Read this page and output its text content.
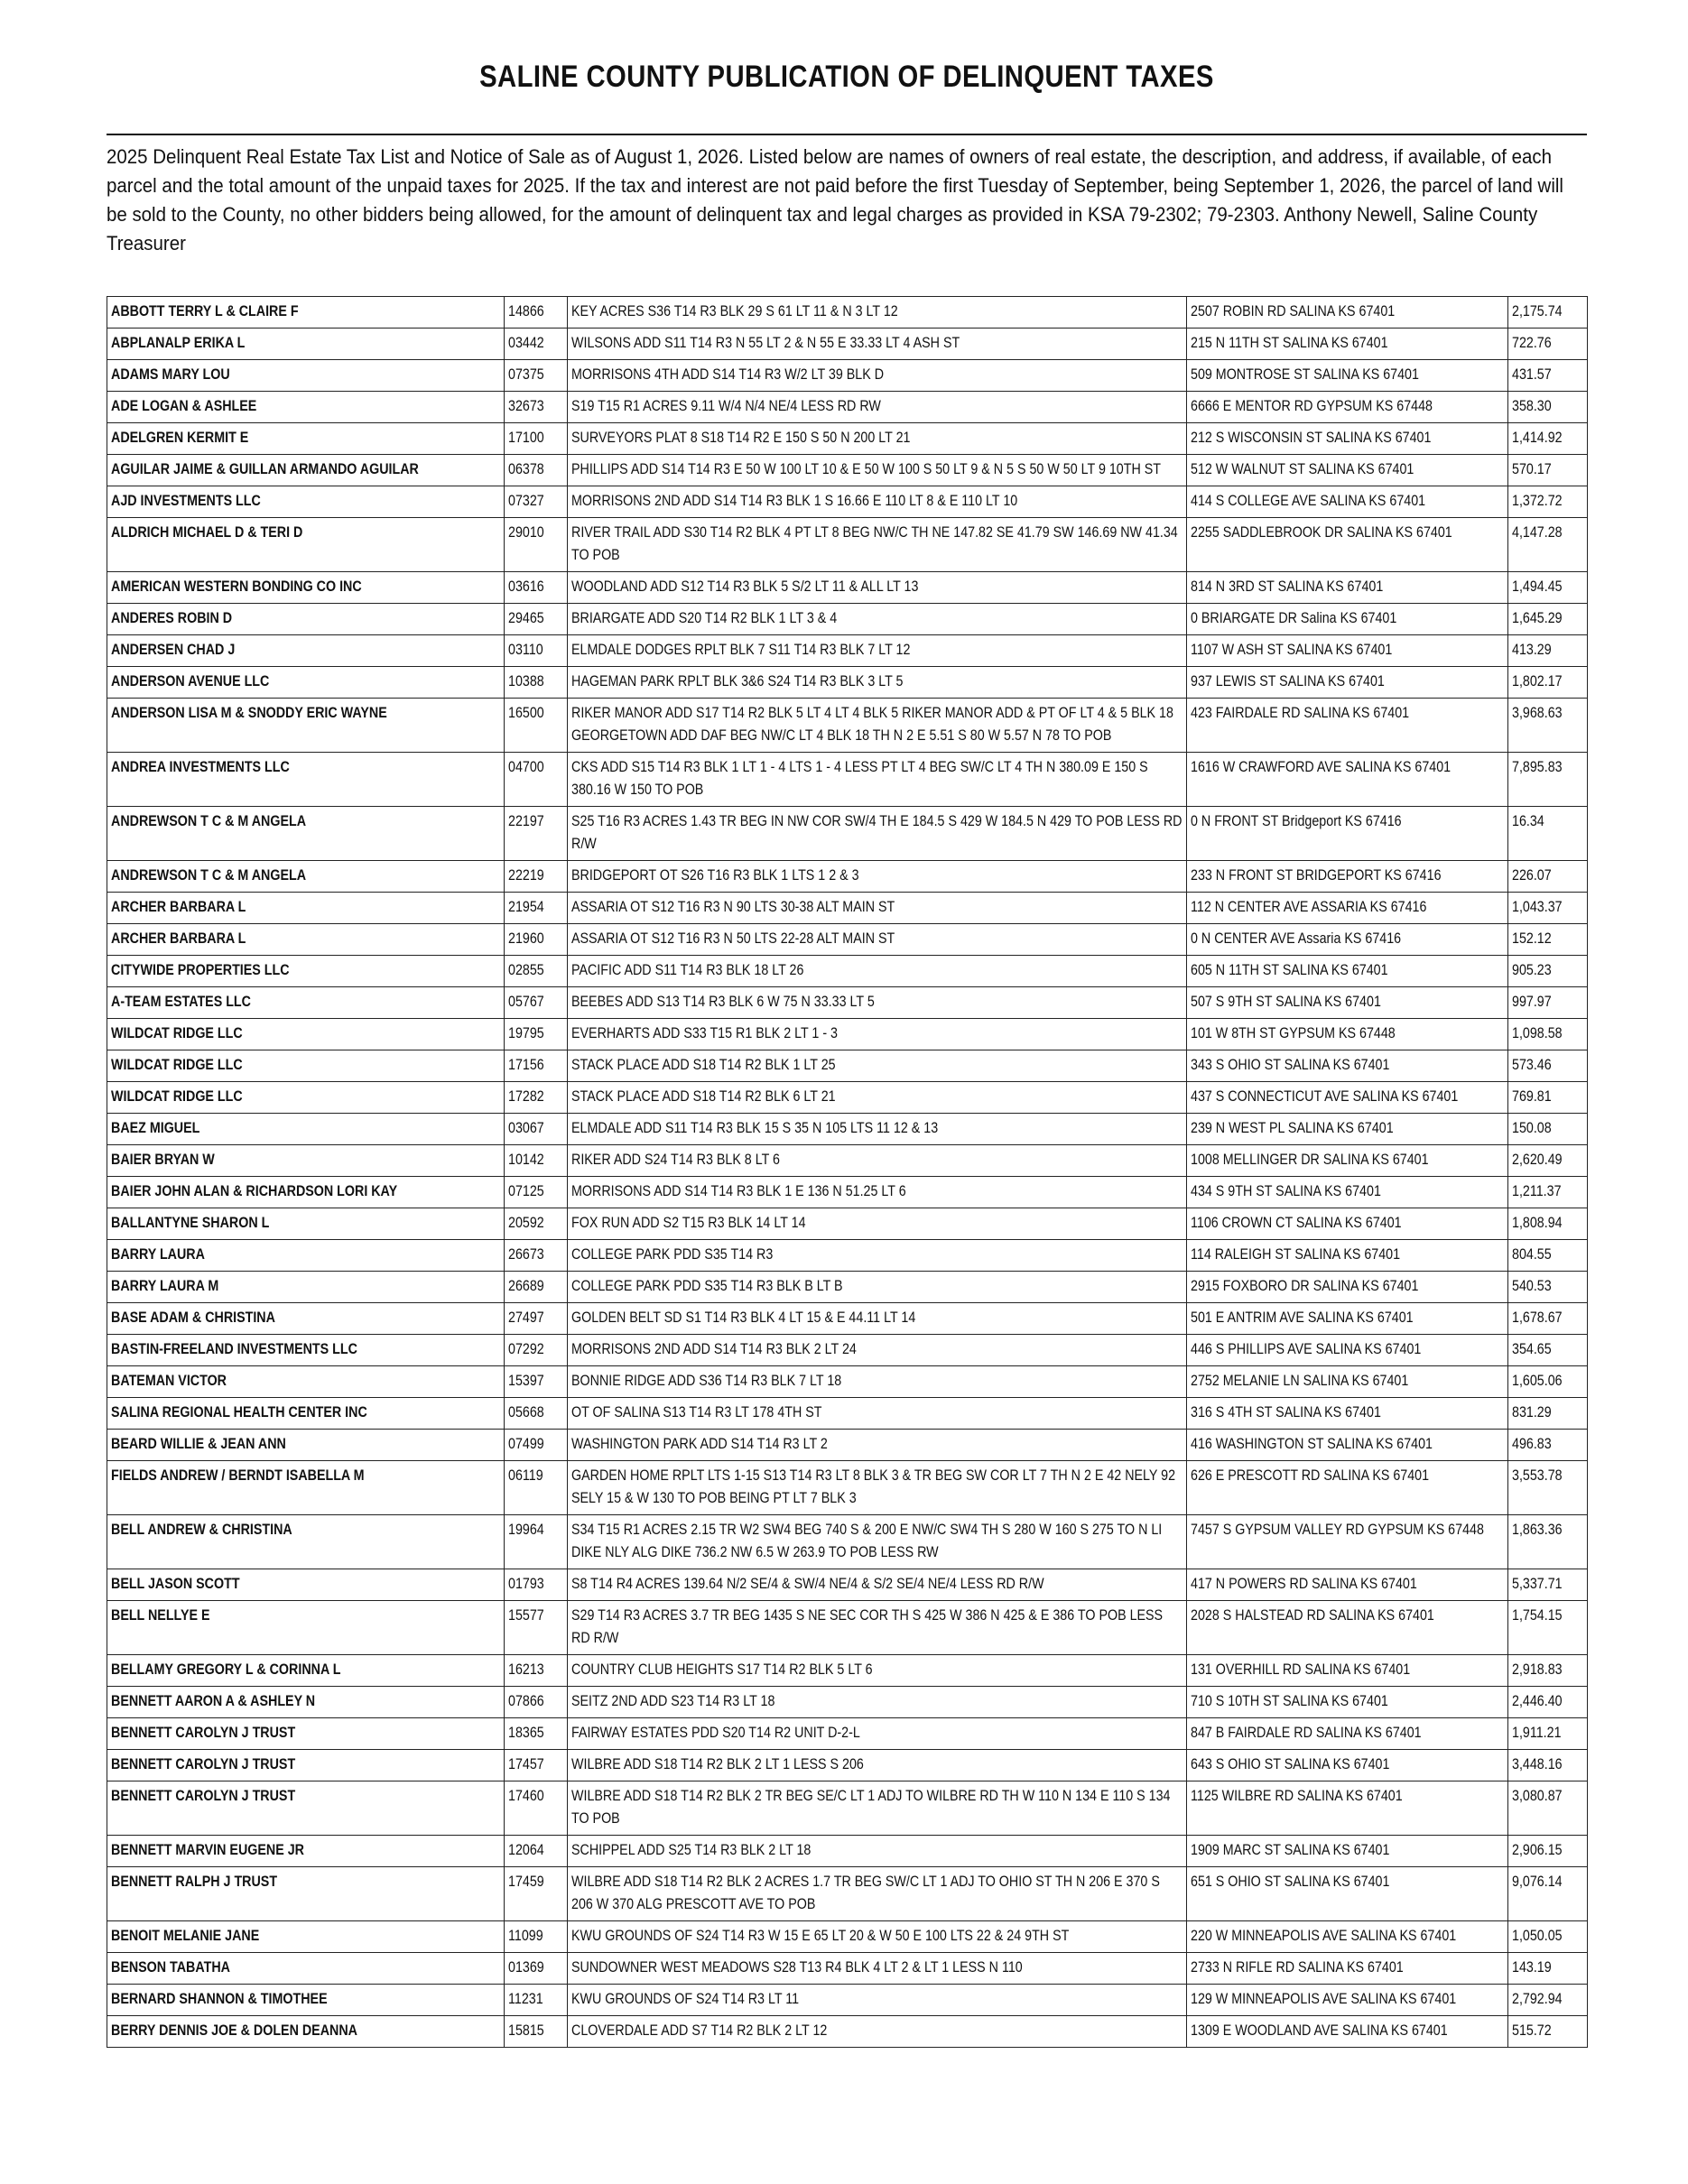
SALINE COUNTY PUBLICATION OF DELINQUENT TAXES
2025 Delinquent Real Estate Tax List and Notice of Sale as of August 1, 2026. Listed below are names of owners of real estate, the description, and address, if available, of each parcel and the total amount of the unpaid taxes for 2025. If the tax and interest are not paid before the first Tuesday of September, being September 1, 2026, the parcel of land will be sold to the County, no other bidders being allowed, for the amount of delinquent tax and legal charges as provided in KSA 79-2302; 79-2303. Anthony Newell, Saline County Treasurer
ABBOTT TERRY L & CLAIRE F	14866	KEY ACRES S36 T14 R3 BLK 29 S 61 LT 11 & N 3 LT 12	2507 ROBIN RD SALINA KS 67401	2,175.74

ABPLANALP ERIKA L	03442	WILSONS ADD S11 T14 R3 N 55 LT 2 & N 55 E 33.33 LT 4 ASH ST	215 N 11TH ST SALINA KS 67401	722.76

ADAMS MARY LOU	07375	MORRISONS 4TH ADD S14 T14 R3 W/2 LT 39 BLK D	509 MONTROSE ST SALINA KS 67401	431.57

ADE LOGAN & ASHLEE	32673	S19 T15 R1 ACRES 9.11 W/4 N/4 NE/4 LESS RD RW	6666 E MENTOR RD GYPSUM KS 67448	358.30

ADELGREN KERMIT E	17100	SURVEYORS PLAT 8 S18 T14 R2 E 150 S 50 N 200 LT 21	212 S WISCONSIN ST SALINA KS 67401	1,414.92

AGUILAR JAIME & GUILLAN ARMANDO AGUILAR	06378	PHILLIPS ADD S14 T14 R3 E 50 W 100 LT 10 & E 50 W 100 S 50 LT 9 & N 5 S 50 W 50 LT 9 10TH ST	512 W WALNUT ST SALINA KS 67401	570.17

AJD INVESTMENTS LLC	07327	MORRISONS 2ND ADD S14 T14 R3 BLK 1 S 16.66 E 110 LT 8 & E 110 LT 10	414 S COLLEGE AVE SALINA KS 67401	1,372.72

ALDRICH MICHAEL D & TERI D	29010	RIVER TRAIL ADD S30 T14 R2 BLK 4 PT LT 8 BEG NW/C TH NE 147.82 SE 41.79 SW 146.69 NW 41.34 TO POB	2255 SADDLEBROOK DR SALINA KS 67401	4,147.28

AMERICAN WESTERN BONDING CO INC	03616	WOODLAND ADD S12 T14 R3 BLK 5 S/2 LT 11 & ALL LT 13	814 N 3RD ST SALINA KS 67401	1,494.45

ANDERES ROBIN D	29465	BRIARGATE ADD S20 T14 R2 BLK 1 LT 3 & 4	0 BRIARGATE DR Salina KS 67401	1,645.29

ANDERSEN CHAD J	03110	ELMDALE DODGES RPLT BLK 7 S11 T14 R3 BLK 7 LT 12	1107 W ASH ST SALINA KS 67401	413.29

ANDERSON AVENUE LLC	10388	HAGEMAN PARK RPLT BLK 3&6 S24 T14 R3 BLK 3 LT 5	937 LEWIS ST SALINA KS 67401	1,802.17

ANDERSON LISA M & SNODDY ERIC WAYNE	16500	RIKER MANOR ADD S17 T14 R2 BLK 5 LT 4 LT 4 BLK 5 RIKER MANOR ADD & PT OF LT 4 & 5 BLK 18 GEORGETOWN ADD DAF BEG NW/C LT 4 BLK 18 TH N 2 E 5.51 S 80 W 5.57 N 78 TO POB	423 FAIRDALE RD SALINA KS 67401	3,968.63

ANDREA INVESTMENTS LLC	04700	CKS ADD S15 T14 R3 BLK 1 LT 1 - 4 LTS 1 - 4 LESS PT LT 4 BEG SW/C LT 4 TH N 380.09 E 150 S 380.16 W 150 TO POB	1616 W CRAWFORD AVE SALINA KS 67401	7,895.83

ANDREWSON T C & M ANGELA	22197	S25 T16 R3 ACRES 1.43 TR BEG IN NW COR SW/4 TH E 184.5 S 429 W 184.5 N 429 TO POB LESS RD R/W	0 N FRONT ST Bridgeport KS 67416	16.34

ANDREWSON T C & M ANGELA	22219	BRIDGEPORT OT S26 T16 R3 BLK 1 LTS 1 2 & 3	233 N FRONT ST BRIDGEPORT KS 67416	226.07

ARCHER BARBARA L	21954	ASSARIA OT S12 T16 R3 N 90 LTS 30-38 ALT MAIN ST	112 N CENTER AVE ASSARIA KS 67416	1,043.37

ARCHER BARBARA L	21960	ASSARIA OT S12 T16 R3 N 50 LTS 22-28 ALT MAIN ST	0 N CENTER AVE Assaria KS 67416	152.12

CITYWIDE PROPERTIES LLC	02855	PACIFIC ADD S11 T14 R3 BLK 18 LT 26	605 N 11TH ST SALINA KS 67401	905.23

A-TEAM ESTATES LLC	05767	BEEBES ADD S13 T14 R3 BLK 6 W 75 N 33.33 LT 5	507 S 9TH ST SALINA KS 67401	997.97

WILDCAT RIDGE LLC	19795	EVERHARTS ADD S33 T15 R1 BLK 2 LT 1 - 3	101 W 8TH ST GYPSUM KS 67448	1,098.58

WILDCAT RIDGE LLC	17156	STACK PLACE ADD S18 T14 R2 BLK 1 LT 25	343 S OHIO ST SALINA KS 67401	573.46

WILDCAT RIDGE LLC	17282	STACK PLACE ADD S18 T14 R2 BLK 6 LT 21	437 S CONNECTICUT AVE SALINA KS 67401	769.81

BAEZ MIGUEL	03067	ELMDALE ADD S11 T14 R3 BLK 15 S 35 N 105 LTS 11 12 & 13	239 N WEST PL SALINA KS 67401	150.08

BAIER BRYAN W	10142	RIKER ADD S24 T14 R3 BLK 8 LT 6	1008 MELLINGER DR SALINA KS 67401	2,620.49

BAIER JOHN ALAN & RICHARDSON LORI KAY	07125	MORRISONS ADD S14 T14 R3 BLK 1 E 136 N 51.25 LT 6	434 S 9TH ST SALINA KS 67401	1,211.37

BALLANTYNE SHARON L	20592	FOX RUN ADD S2 T15 R3 BLK 14 LT 14	1106 CROWN CT SALINA KS 67401	1,808.94

BARRY LAURA	26673	COLLEGE PARK PDD S35 T14 R3	114 RALEIGH ST SALINA KS 67401	804.55

BARRY LAURA M	26689	COLLEGE PARK PDD S35 T14 R3 BLK B LT B	2915 FOXBORO DR SALINA KS 67401	540.53

BASE ADAM & CHRISTINA	27497	GOLDEN BELT SD S1 T14 R3 BLK 4 LT 15 & E 44.11 LT 14	501 E ANTRIM AVE SALINA KS 67401	1,678.67

BASTIN-FREELAND INVESTMENTS LLC	07292	MORRISONS 2ND ADD S14 T14 R3 BLK 2 LT 24	446 S PHILLIPS AVE SALINA KS 67401	354.65

BATEMAN VICTOR	15397	BONNIE RIDGE ADD S36 T14 R3 BLK 7 LT 18	2752 MELANIE LN SALINA KS 67401	1,605.06

SALINA REGIONAL HEALTH CENTER INC	05668	OT OF SALINA S13 T14 R3 LT 178 4TH ST	316 S 4TH ST SALINA KS 67401	831.29

BEARD WILLIE & JEAN ANN	07499	WASHINGTON PARK ADD S14 T14 R3 LT 2	416 WASHINGTON ST SALINA KS 67401	496.83

FIELDS ANDREW / BERNDT ISABELLA M	06119	GARDEN HOME RPLT LTS 1-15 S13 T14 R3 LT 8 BLK 3 & TR BEG SW COR LT 7 TH N 2 E 42 NELY 92 SELY 15 & W 130 TO POB BEING PT LT 7 BLK 3	626 E PRESCOTT RD SALINA KS 67401	3,553.78

BELL ANDREW & CHRISTINA	19964	S34 T15 R1 ACRES 2.15 TR W2 SW4 BEG 740 S & 200 E NW/C SW4 TH S 280 W 160 S 275 TO N LI DIKE NLY ALG DIKE 736.2 NW 6.5 W 263.9 TO POB LESS RW	7457 S GYPSUM VALLEY RD GYPSUM KS 67448	1,863.36

BELL JASON SCOTT	01793	S8 T14 R4 ACRES 139.64 N/2 SE/4 & SW/4 NE/4 & S/2 SE/4 NE/4 LESS RD R/W	417 N POWERS RD SALINA KS 67401	5,337.71

BELL NELLYE E	15577	S29 T14 R3 ACRES 3.7 TR BEG 1435 S NE SEC COR TH S 425 W 386 N 425 & E 386 TO POB LESS RD R/W	2028 S HALSTEAD RD SALINA KS 67401	1,754.15

BELLAMY GREGORY L & CORINNA L	16213	COUNTRY CLUB HEIGHTS S17 T14 R2 BLK 5 LT 6	131 OVERHILL RD SALINA KS 67401	2,918.83

BENNETT AARON A & ASHLEY N	07866	SEITZ 2ND ADD S23 T14 R3 LT 18	710 S 10TH ST SALINA KS 67401	2,446.40

BENNETT CAROLYN J TRUST	18365	FAIRWAY ESTATES PDD S20 T14 R2 UNIT D-2-L	847 B FAIRDALE RD SALINA KS 67401	1,911.21

BENNETT CAROLYN J TRUST	17457	WILBRE ADD S18 T14 R2 BLK 2 LT 1 LESS S 206	643 S OHIO ST SALINA KS 67401	3,448.16

BENNETT CAROLYN J TRUST	17460	WILBRE ADD S18 T14 R2 BLK 2 TR BEG SE/C LT 1 ADJ TO WILBRE RD TH W 110 N 134 E 110 S 134 TO POB	1125 WILBRE RD SALINA KS 67401	3,080.87

BENNETT MARVIN EUGENE JR	12064	SCHIPPEL ADD S25 T14 R3 BLK 2 LT 18	1909 MARC ST SALINA KS 67401	2,906.15

BENNETT RALPH J TRUST	17459	WILBRE ADD S18 T14 R2 BLK 2 ACRES 1.7 TR BEG SW/C LT 1 ADJ TO OHIO ST TH N 206 E 370 S 206 W 370 ALG PRESCOTT AVE TO POB	651 S OHIO ST SALINA KS 67401	9,076.14

BENOIT MELANIE JANE	11099	KWU GROUNDS OF S24 T14 R3 W 15 E 65 LT 20 & W 50 E 100 LTS 22 & 24 9TH ST	220 W MINNEAPOLIS AVE SALINA KS 67401	1,050.05

BENSON TABATHA	01369	SUNDOWNER WEST MEADOWS S28 T13 R4 BLK 4 LT 2 & LT 1 LESS N 110	2733 N RIFLE RD SALINA KS 67401	143.19

BERNARD SHANNON & TIMOTHEE	11231	KWU GROUNDS OF S24 T14 R3 LT 11	129 W MINNEAPOLIS AVE SALINA KS 67401	2,792.94

BERRY DENNIS JOE & DOLEN DEANNA	15815	CLOVERDALE ADD S7 T14 R2 BLK 2 LT 12	1309 E WOODLAND AVE SALINA KS 67401	515.72
